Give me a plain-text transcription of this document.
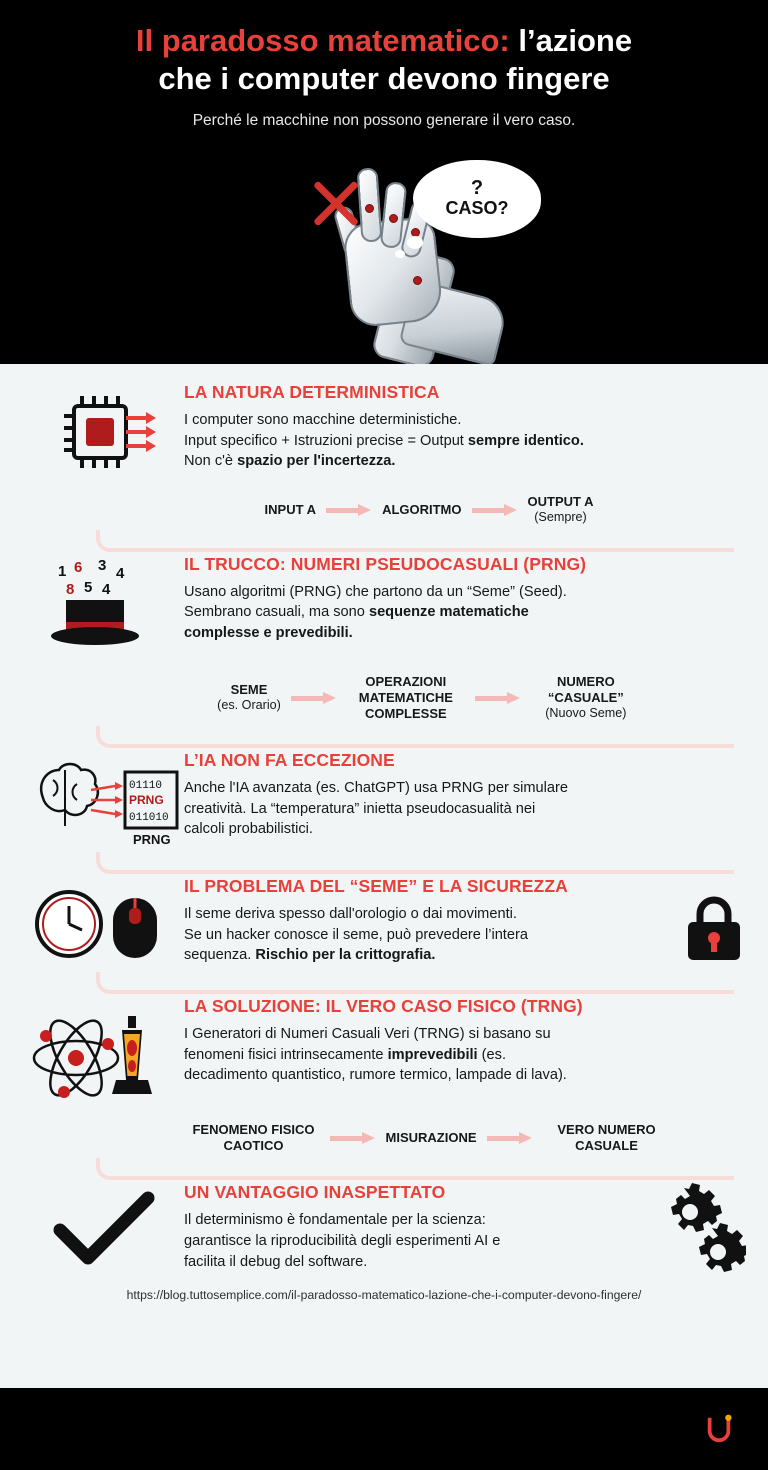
Il paradosso matematico: l’azione
che i computer devono fingere
Perché le macchine non possono generare il vero caso.
?
CASO?
LA NATURA DETERMINISTICA

I computer sono macchine deterministiche.
Input specifico + Istruzioni precise = Output sempre identico.
Non c'è spazio per l'incertezza.

INPUT A	ALGORITMO
OUTPUT A
(Sempre)
1 6 3 4
8 5 4
IL TRUCCO: NUMERI PSEUDOCASUALI (PRNG)

Usano algoritmi (PRNG) che partono da un “Seme” (Seed).
Sembrano casuali, ma sono sequenze matematiche
complesse e prevedibili.

SEME
(es. Orario)
OPERAZIONI MATEMATICHE COMPLESSE
NUMERO “CASUALE”
(Nuovo Seme)
01110
PRNG
011010
PRNG
L’IA NON FA ECCEZIONE

Anche l'IA avanzata (es. ChatGPT) usa PRNG per simulare
creatività. La “temperatura” inietta pseudocasualità nei
calcoli probabilistici.

IL PROBLEMA DEL “SEME” E LA SICUREZZA

Il seme deriva spesso dall'orologio o dai movimenti.
Se un hacker conosce il seme, può prevedere l’intera
sequenza. Rischio per la crittografia.

LA SOLUZIONE: IL VERO CASO FISICO (TRNG)

I Generatori di Numeri Casuali Veri (TRNG) si basano su
fenomeni fisici intrinsecamente imprevedibili (es.
decadimento quantistico, rumore termico, lampade di lava).

FENOMENO FISICO CAOTICO
MISURAZIONE
VERO NUMERO CASUALE
UN VANTAGGIO INASPETTATO

Il determinismo è fondamentale per la scienza:
garantisce la riproducibilità degli esperimenti AI e
facilita il debug del software.

https://blog.tuttosemplice.com/il-paradosso-matematico-lazione-che-i-computer-devono-fingere/
